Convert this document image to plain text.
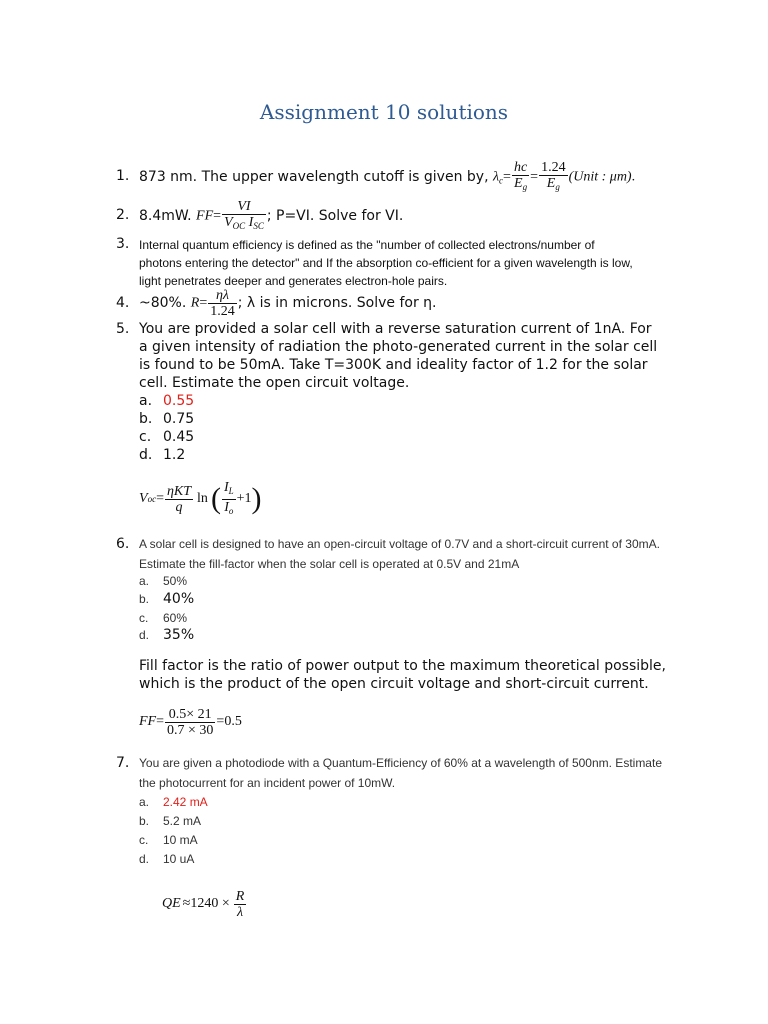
Assignment 10 solutions
1. 873 nm. The upper wavelength cutoff is given by, $\lambda_c= \frac{hc}{E_g} = \frac{1.24}{E_g}$ (Unit : μm).
2. 8.4mW. $FF= \frac{VI}{V_{OC} I_{SC}}$ ; P=VI. Solve for VI.
3. Internal quantum efficiency is defined as the "number of collected electrons/number of
photons entering the detector" and If the absorption co-efficient for a given wavelength is low,
light penetrates deeper and generates electron-hole pairs.
4. ~80%. $R= \frac{\eta\lambda}{1.24}$ ; λ is in microns. Solve for η.
5. You are provided a solar cell with a reverse saturation current of 1nA. For
a given intensity of radiation the photo-generated current in the solar cell
is found to be 50mA. Take T=300K and ideality factor of 1.2 for the solar
cell. Estimate the open circuit voltage.
a. 0.55
b. 0.75
c. 0.45
d. 1.2
V oc = $\frac{\text{ηKT}}{q}$ ln ( $\frac{I_L}{I_o} +1$ )
6. A solar cell is designed to have an open-circuit voltage of 0.7V and a short-circuit current of 30mA.
Estimate the fill-factor when the solar cell is operated at 0.5V and 21mA
a. 50%
b. 40%
c. 60%
d. 35%
Fill factor is the ratio of power output to the maximum theoretical possible,
which is the product of the open circuit voltage and short-circuit current.
FF = $\frac{0.5\times 21}{0.7 \times 30} =0.5$
7. You are given a photodiode with a Quantum-Efficiency of 60% at a wavelength of 500nm. Estimate
the photocurrent for an incident power of 10mW.
a. 2.42 mA
b. 5.2 mA
c. 10 mA
d. 10 uA
QE $\approx 1240 \times \frac{R}{\lambda}$
